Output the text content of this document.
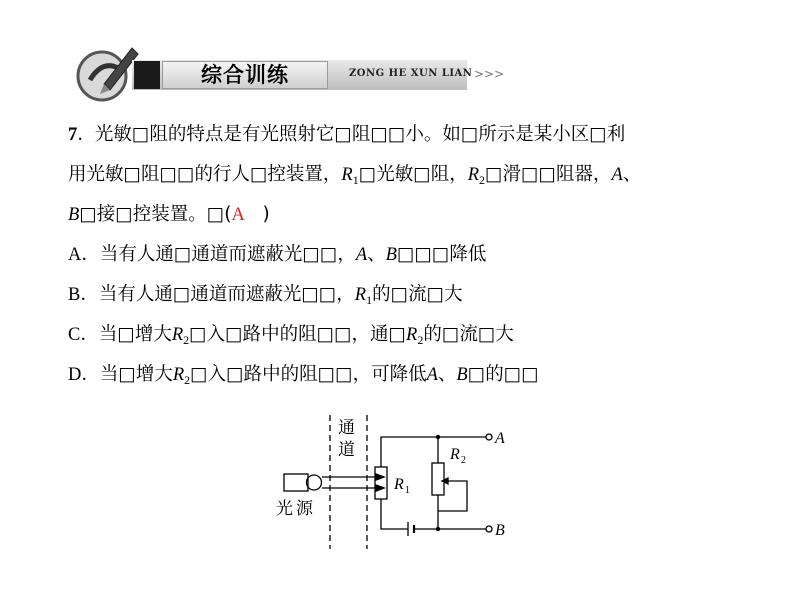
综合训练	ZONG HE XUN LIAN >>>
7.  光敏□阻的特点是有光照射它□阻□□小。如□所示是某小区□利
用光敏□阻□□的行人□控装置，$R_1□$光敏□阻，$R_2□$滑□□阻器，A、
B□接□控装置。□(A )
A．当有人通□通道而遮蔽光□□，A、B□□□降低
B．当有人通□通道而遮蔽光□□，$R_1$的□流□大
C．当□增大$R_2□$入□路中的阻□□，通$□R_2$的□流□大
D．当□增大$R_2□$入□路中的阻□□，可降低A、B□的□□
通
道
光 源
R 1
R 2
A
B
